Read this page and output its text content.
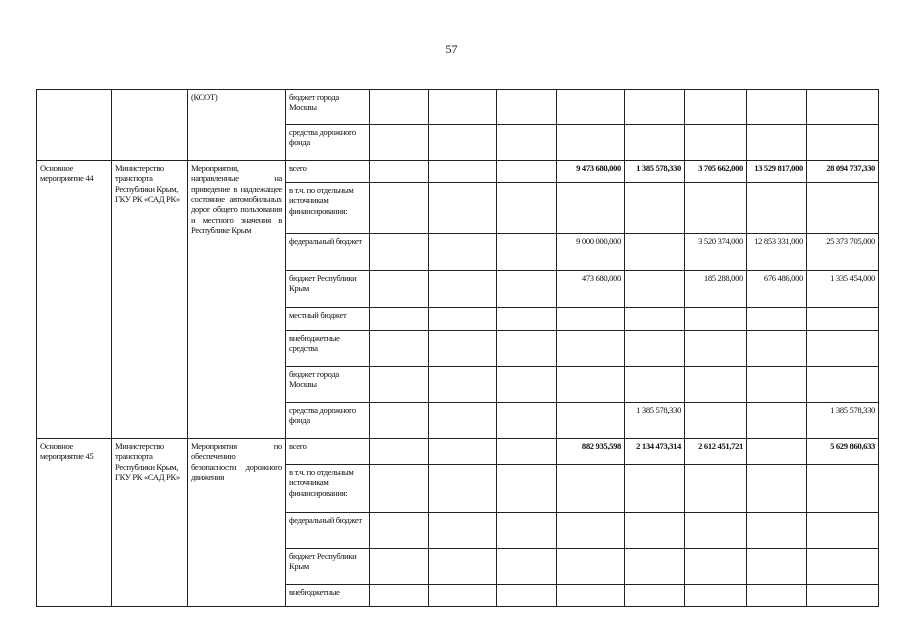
57
		(КСОТ)	бюджет города Москвы								
			средства дорожного фонда								
Основное мероприятие 44	Министерство транспорта Республики Крым, ГКУ РК «САД РК»	Мероприятия, направленные на приведение в надлежащее состояние автомобильных дорог общего пользования и местного значения в Республике Крым	всего				9 473 680,000	1 385 578,330	3 705 662,000	13 529 817,000	28 094 737,330
			в т.ч. по отдельным источникам финансирования:								
			федеральный бюджет				9 000 000,000		3 520 374,000	12 853 331,000	25 373 705,000
			бюджет Республики Крым				473 680,000		185 288,000	676 486,000	1 335 454,000
			местный бюджет								
			внебюджетные средства								
			бюджет города Москвы								
			средства дорожного фонда					1 385 578,330			1 385 578,330
Основное мероприятие 45	Министерство транспорта Республики Крым, ГКУ РК «САД РК»	Мероприятия по обеспечению безопасности дорожного движения	всего				882 935,598	2 134 473,314	2 612 451,721		5 629 860,633
			в т.ч. по отдельным источникам финансирования:								
			федеральный бюджет								
			бюджет Республики Крым								
			внебюджетные								
